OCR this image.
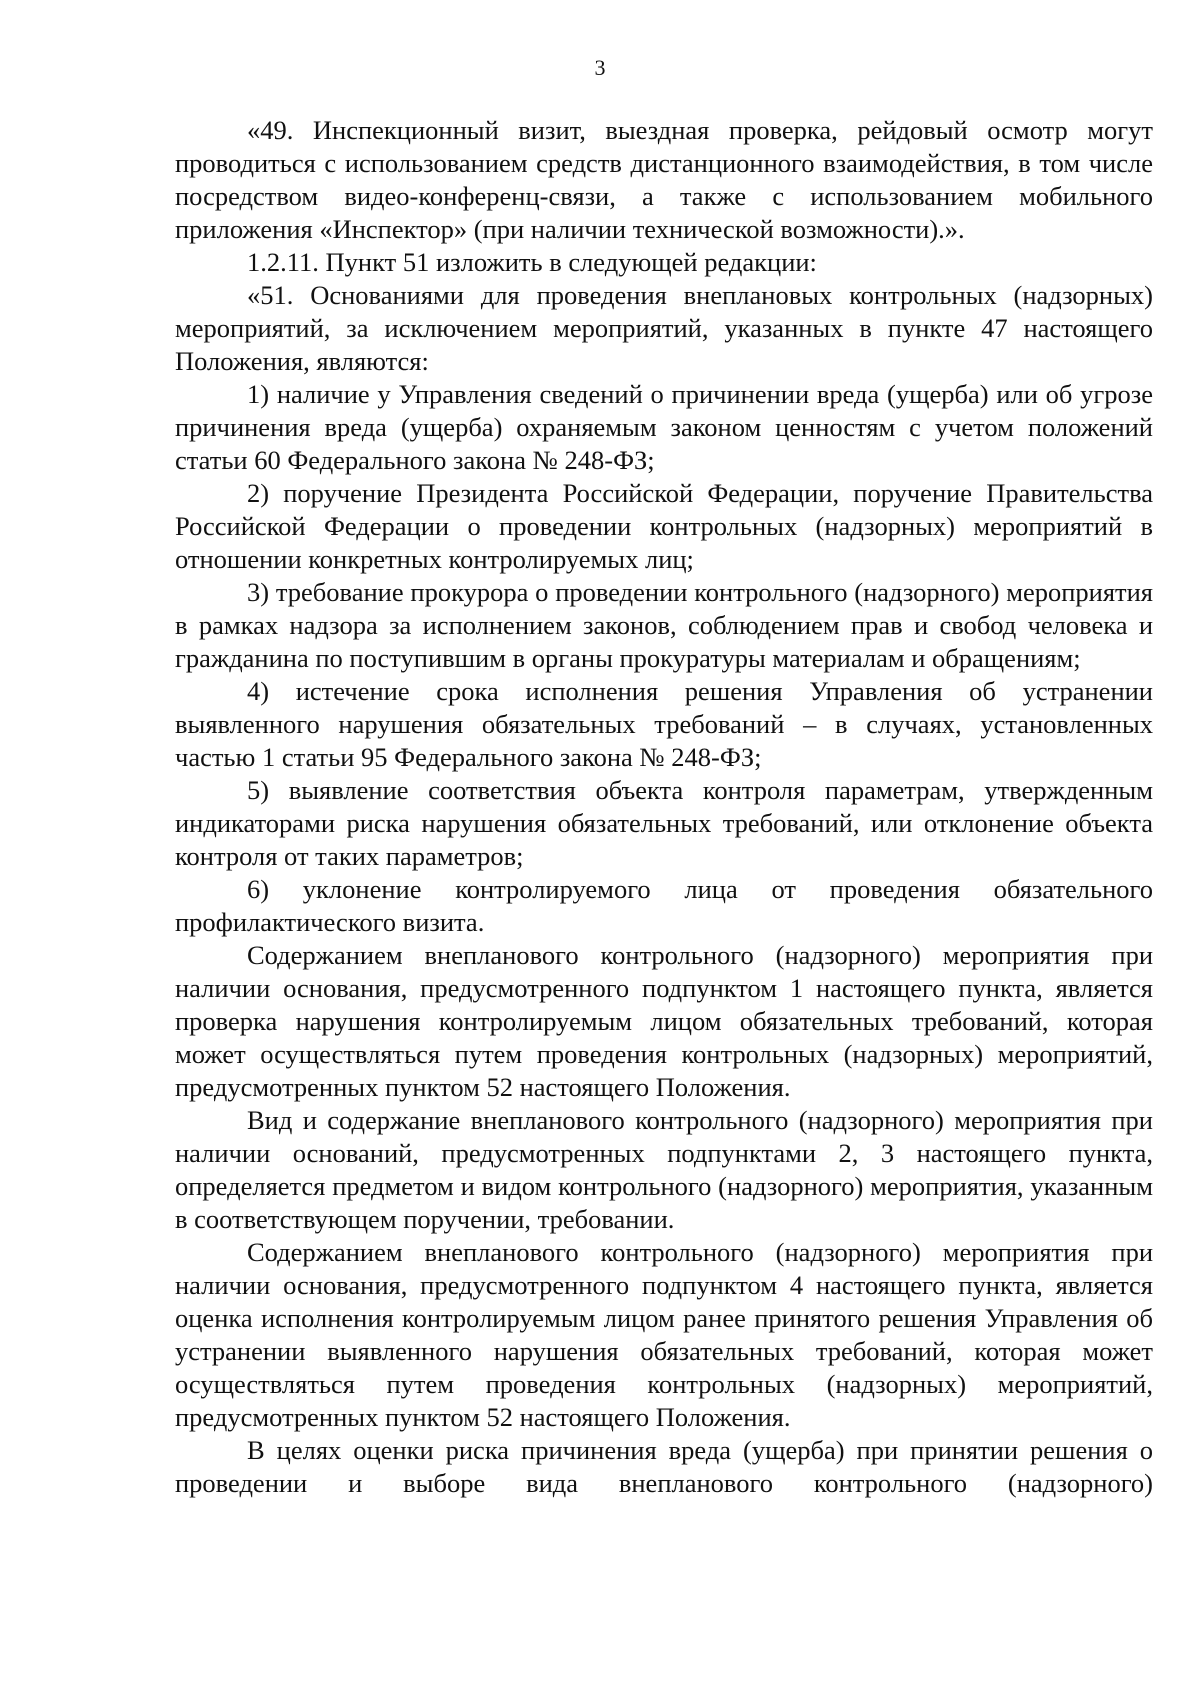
3

«49. Инспекционный визит, выездная проверка, рейдовый осмотр могут проводиться с использованием средств дистанционного взаимодействия, в том числе посредством видео-конференц-связи, а также с использованием мобильного приложения «Инспектор» (при наличии технической возможности).».

1.2.11. Пункт 51 изложить в следующей редакции:

«51. Основаниями для проведения внеплановых контрольных (надзорных) мероприятий, за исключением мероприятий, указанных в пункте 47 настоящего Положения, являются:

1) наличие у Управления сведений о причинении вреда (ущерба) или об угрозе причинения вреда (ущерба) охраняемым законом ценностям с учетом положений статьи 60 Федерального закона № 248-ФЗ;

2) поручение Президента Российской Федерации, поручение Правительства Российской Федерации о проведении контрольных (надзорных) мероприятий в отношении конкретных контролируемых лиц;

3) требование прокурора о проведении контрольного (надзорного) мероприятия в рамках надзора за исполнением законов, соблюдением прав и свобод человека и гражданина по поступившим в органы прокуратуры материалам и обращениям;

4) истечение срока исполнения решения Управления об устранении выявленного нарушения обязательных требований – в случаях, установленных частью 1 статьи 95 Федерального закона № 248-ФЗ;

5) выявление соответствия объекта контроля параметрам, утвержденным индикаторами риска нарушения обязательных требований, или отклонение объекта контроля от таких параметров;

6) уклонение контролируемого лица от проведения обязательного профилактического визита.

Содержанием внепланового контрольного (надзорного) мероприятия при наличии основания, предусмотренного подпунктом 1 настоящего пункта, является проверка нарушения контролируемым лицом обязательных требований, которая может осуществляться путем проведения контрольных (надзорных) мероприятий, предусмотренных пунктом 52 настоящего Положения.

Вид и содержание внепланового контрольного (надзорного) мероприятия при наличии оснований, предусмотренных подпунктами 2, 3 настоящего пункта, определяется предметом и видом контрольного (надзорного) мероприятия, указанным в соответствующем поручении, требовании.

Содержанием внепланового контрольного (надзорного) мероприятия при наличии основания, предусмотренного подпунктом 4 настоящего пункта, является оценка исполнения контролируемым лицом ранее принятого решения Управления об устранении выявленного нарушения обязательных требований, которая может осуществляться путем проведения контрольных (надзорных) мероприятий, предусмотренных пунктом 52 настоящего Положения.

В целях оценки риска причинения вреда (ущерба) при принятии решения о проведении и выборе вида внепланового контрольного (надзорного)
